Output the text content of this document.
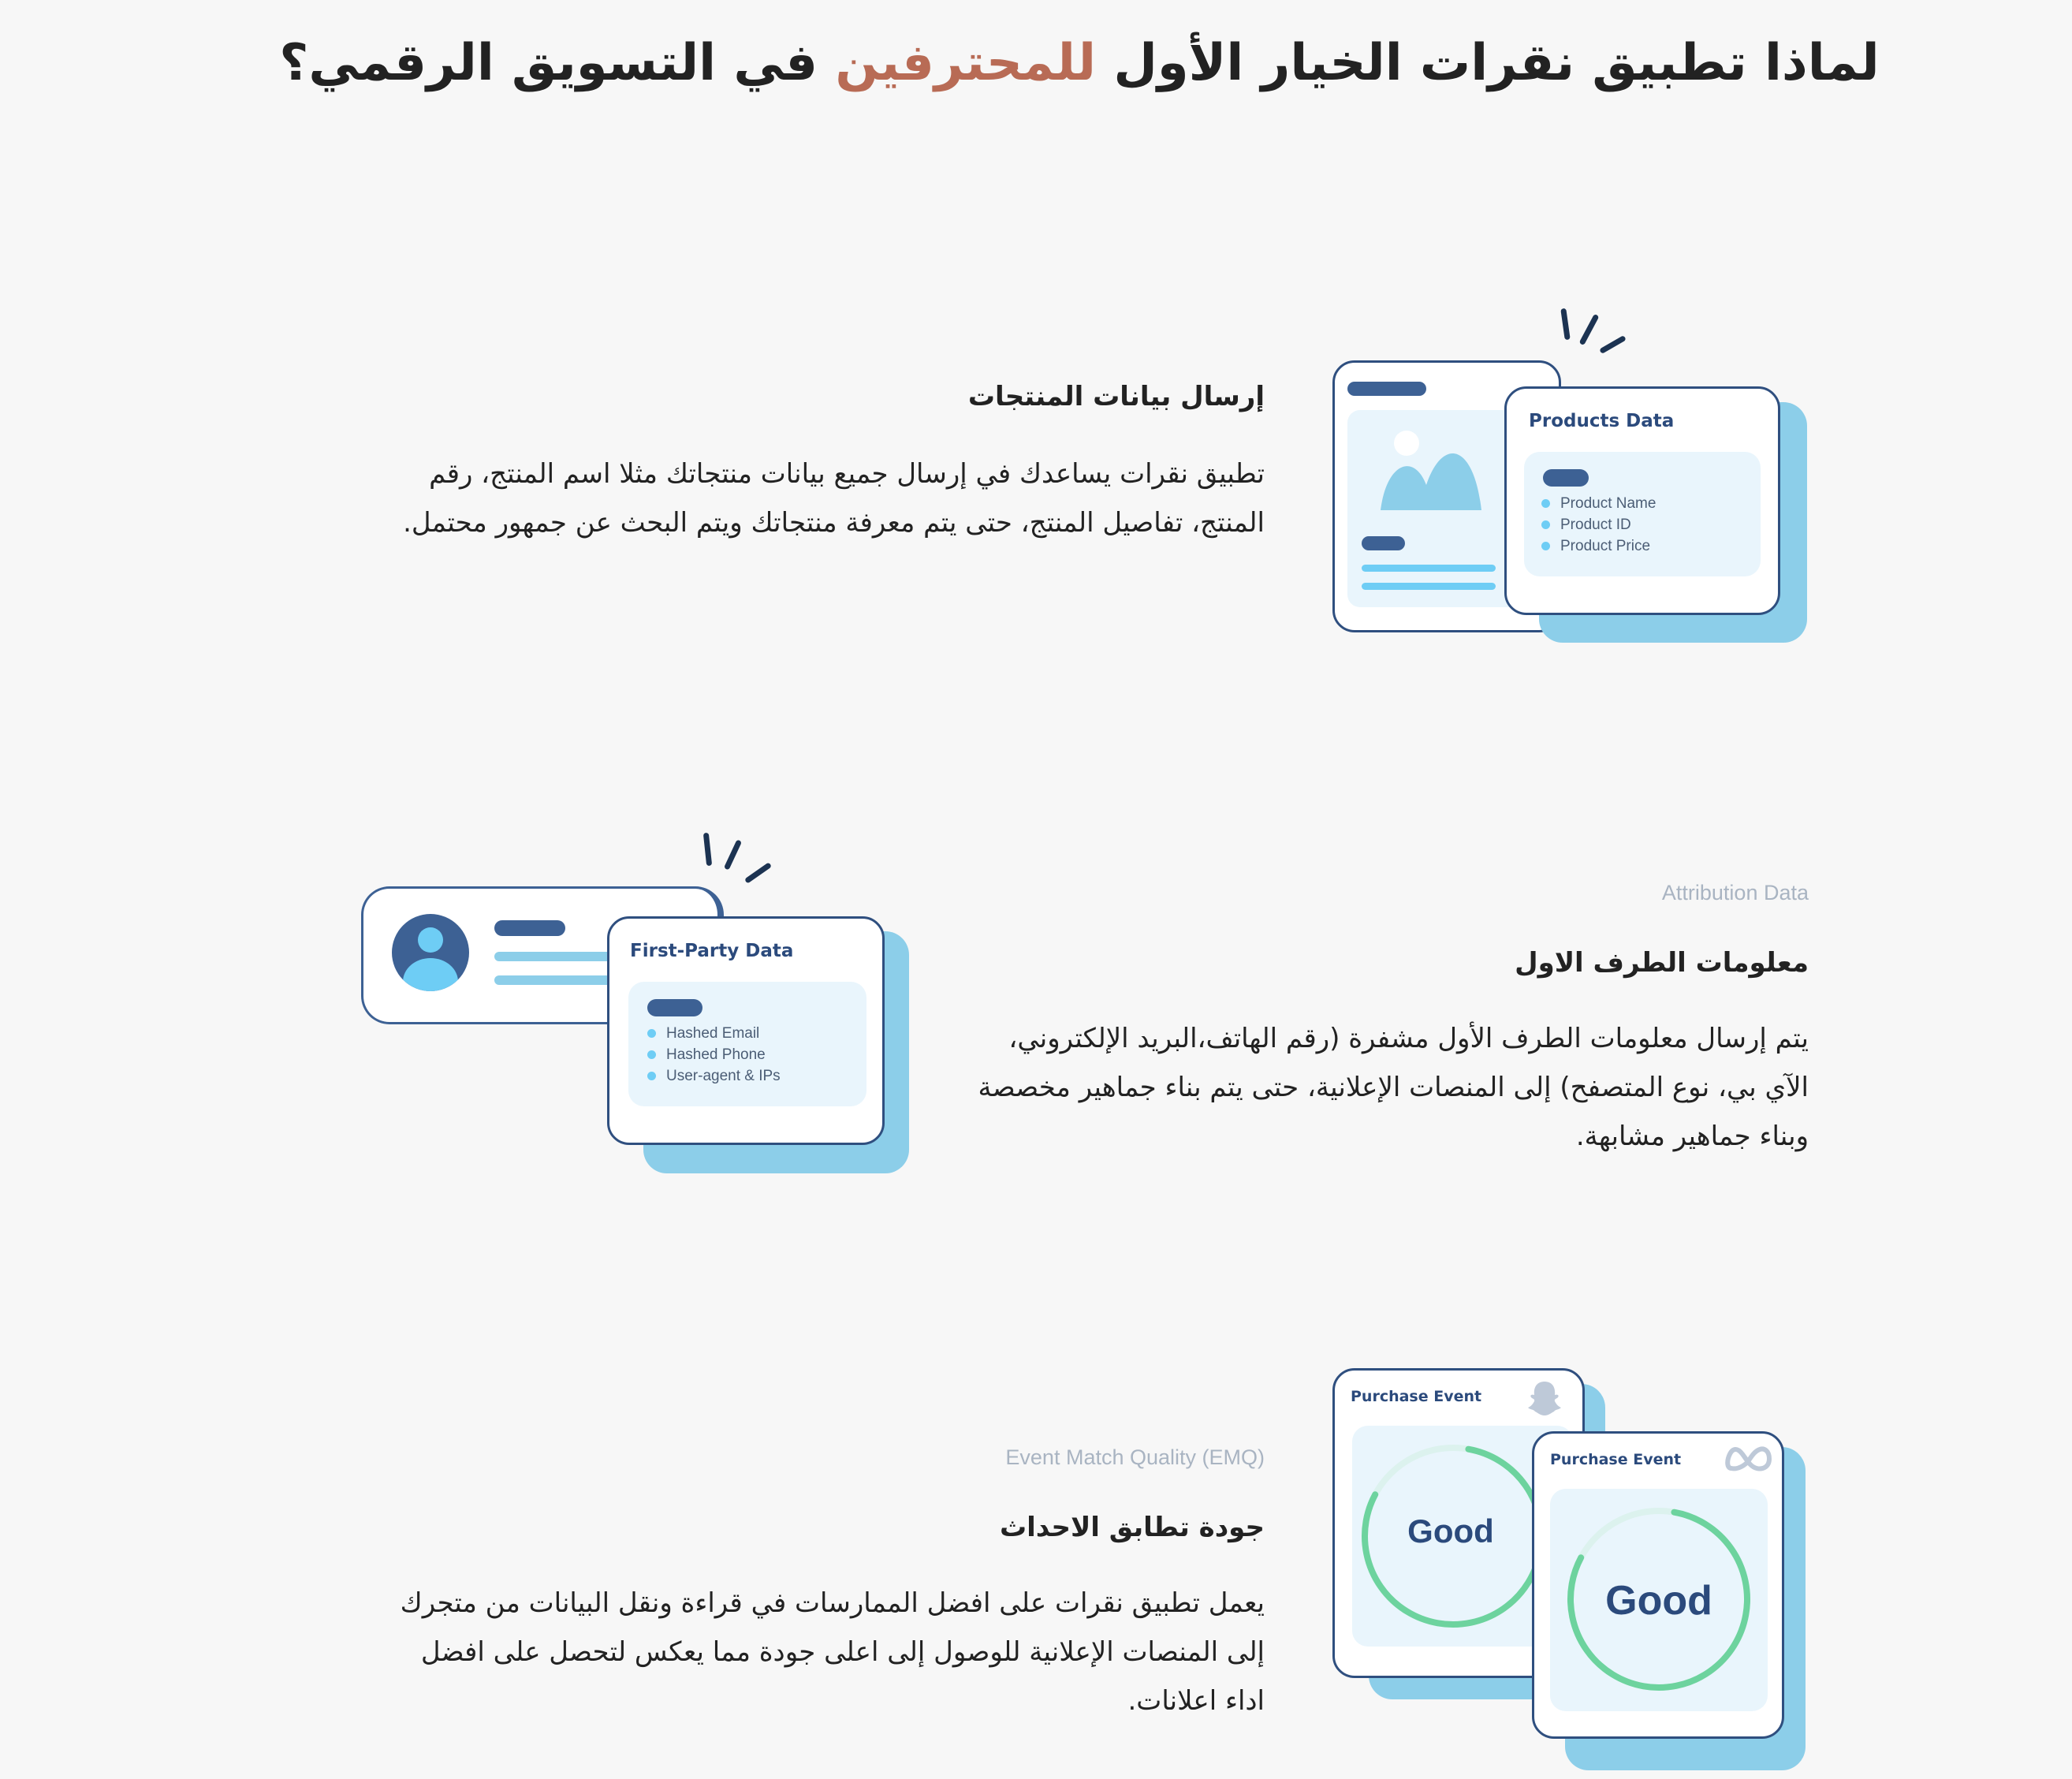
لماذا تطبيق نقرات الخيار الأول للمحترفين في التسويق الرقمي؟
إرسال بيانات المنتجات

تطبيق نقرات يساعدك في إرسال جميع بيانات منتجاتك مثلا اسم المنتج، رقم المنتج، تفاصيل المنتج، حتى يتم معرفة منتجاتك ويتم البحث عن جمهور محتمل.

Products Data
Product Name
Product ID
Product Price
Attribution Data
معلومات الطرف الاول

يتم إرسال معلومات الطرف الأول مشفرة (رقم الهاتف،البريد الإلكتروني، الآي بي، نوع المتصفح) إلى المنصات الإعلانية، حتى يتم بناء جماهير مخصصة وبناء جماهير مشابهة.

First-Party Data
Hashed Email
Hashed Phone
User-agent & IPs
Event Match Quality (EMQ)
جودة تطابق الاحداث

يعمل تطبيق نقرات على افضل الممارسات في قراءة ونقل البيانات من متجرك إلى المنصات الإعلانية للوصول إلى اعلى جودة مما يعكس لتحصل على افضل اداء اعلانات.

Purchase Event
Good
Purchase Event
Good
